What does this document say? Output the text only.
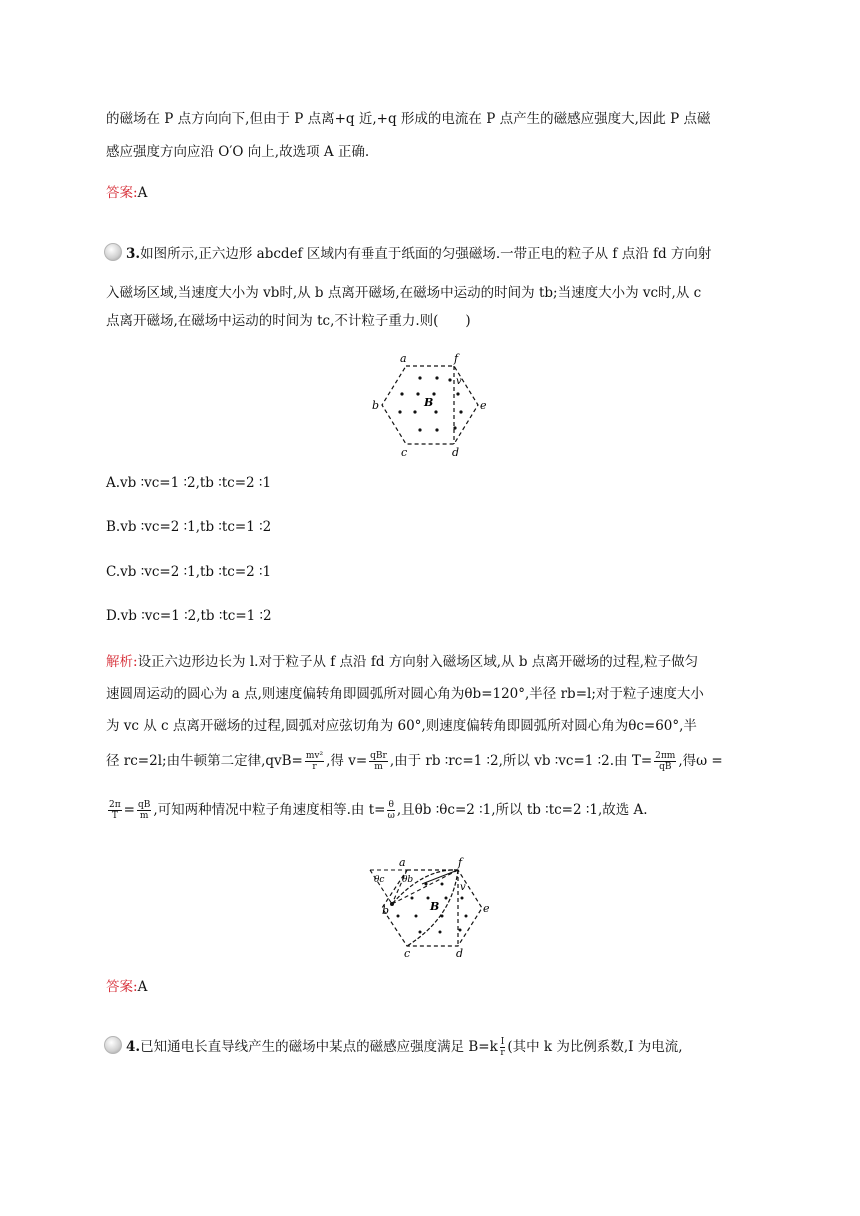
的磁场在 P 点方向向下,但由于 P 点离+q 近,+q 形成的电流在 P 点产生的磁感应强度大,因此 P 点磁
感应强度方向应沿 O′O 向上,故选项 A 正确.
答案:A
3.如图所示,正六边形 abcdef 区域内有垂直于纸面的匀强磁场.一带正电的粒子从 f 点沿 fd 方向射
入磁场区域,当速度大小为 vb时,从 b 点离开磁场,在磁场中运动的时间为 tb;当速度大小为 vc时,从 c
点离开磁场,在磁场中运动的时间为 tc,不计粒子重力.则(　　)
a	f
b	e
c	d
v
B
A.vb ∶vc=1 ∶2,tb ∶tc=2 ∶1
B.vb ∶vc=2 ∶1,tb ∶tc=1 ∶2
C.vb ∶vc=2 ∶1,tb ∶tc=2 ∶1
D.vb ∶vc=1 ∶2,tb ∶tc=1 ∶2
解析:设正六边形边长为 l.对于粒子从 f 点沿 fd 方向射入磁场区域,从 b 点离开磁场的过程,粒子做匀
速圆周运动的圆心为 a 点,则速度偏转角即圆弧所对圆心角为θb=120°,半径 rb=l;对于粒子速度大小
为 vc 从 c 点离开磁场的过程,圆弧对应弦切角为 60°,则速度偏转角即圆弧所对圆心角为θc=60°,半
径 rc=2l;由牛顿第二定律$,qvB= \frac{\text{mv²}}{r}$ ,得 $v= \frac{\text{qBr}}{m}$ ,由于 rb ∶rc=1 ∶2,所以 vb ∶vc=1 ∶2.由 $T= \frac{2\pi m}{qB}$ ,得ω =
$\frac{2\pi}{T} = \frac{qB}{m}$ ,可知两种情况中粒子角速度相等.由 $t= \frac{\theta}{\omega}$ ,且θb ∶θc=2 ∶1,所以 tb ∶tc=2 ∶1,故选 A.
θc θb
a	f
b	e
c	d
v
B
答案:A
4.已知通电长直导线产生的磁场中某点的磁感应强度满足 $B=k \frac{I}{r}$ (其中 k 为比例系数,I 为电流,
